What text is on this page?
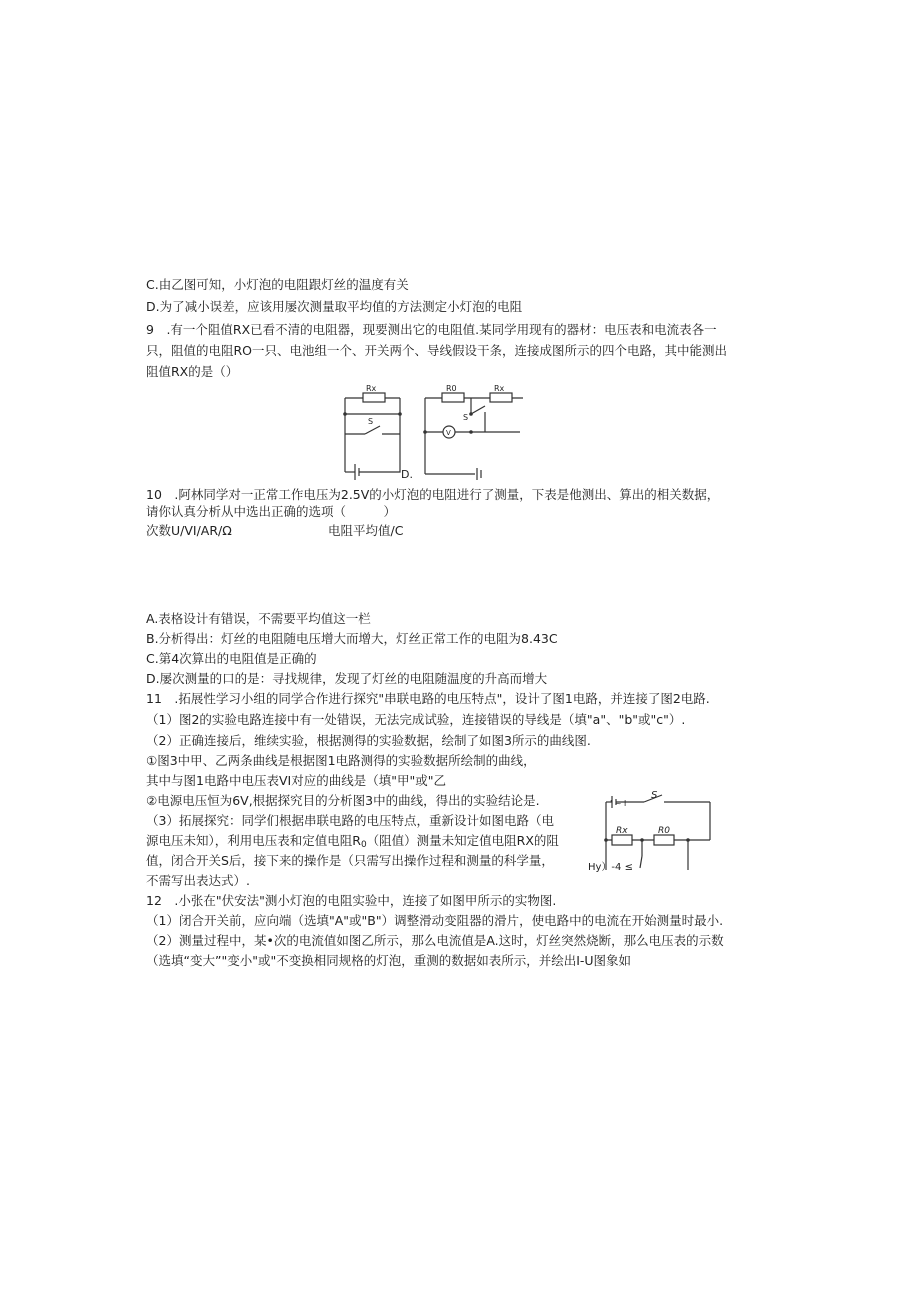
C.由乙图可知，小灯泡的电阻跟灯丝的温度有关
D.为了减小误差，应该用屡次测量取平均值的方法测定小灯泡的电阻
9　.有一个阻值RX已看不清的电阻器，现要测出它的电阻值.某同学用现有的器材：电压表和电流表各一
只，阻值的电阻RO一只、电池组一个、开关两个、导线假设干条，连接成图所示的四个电路，其中能测出
阻值RX的是（）
Rx
S
R0	Rx
S
V
D.
10　.阿林同学对一正常工作电压为2.5V的小灯泡的电阻进行了测量，下表是他测出、算出的相关数据，
请你认真分析从中选出正确的选项（　　　）
次数U/VI/AR/Ω	电阻平均值/C
A.表格设计有错误，不需要平均值这一栏
B.分析得出：灯丝的电阻随电压增大而增大，灯丝正常工作的电阻为8.43C
C.第4次算出的电阻值是正确的
D.屡次测量的口的是：寻找规律，发现了灯丝的电阻随温度的升高而增大
11　.拓展性学习小组的同学合作进行探究"串联电路的电压特点"，设计了图1电路，并连接了图2电路.
（1）图2的实验电路连接中有一处错误，无法完成试验，连接错误的导线是（填"a"、"b"或"c"）.
（2）正确连接后，维续实验，根据测得的实验数据，绘制了如图3所示的曲线图.
①图3中甲、乙两条曲线是根据图1电路测得的实验数据所绘制的曲线，
其中与图1电路中电压表VI对应的曲线是（填"甲"或"乙
②电源电压恒为6V,根据探究目的分析图3中的曲线，得出的实验结论是.
（3）拓展探究：同学们根据串联电路的电压特点，重新设计如图电路（电
源电压未知），利用电压表和定值电阻$R_0$（阻值）测量未知定值电阻RX的阻
值，闭合开关S后，接下来的操作是（只需写出操作过程和测量的科学量，
不需写出表达式）.
' ~ l
S
Rx	R0
Hy）-4 ≤
12　.小张在"伏安法"测小灯泡的电阻实验中，连接了如图甲所示的实物图.
（1）闭合开关前，应向端（选填"A"或"B"）调整滑动变阻器的滑片，使电路中的电流在开始测量时最小.
（2）测量过程中，某•次的电流值如图乙所示，那么电流值是A.这时，灯丝突然烧断，那么电压表的示数
（选填“变大”"变小"或"不变换相同规格的灯泡，重测的数据如表所示，并绘出I-U图象如
